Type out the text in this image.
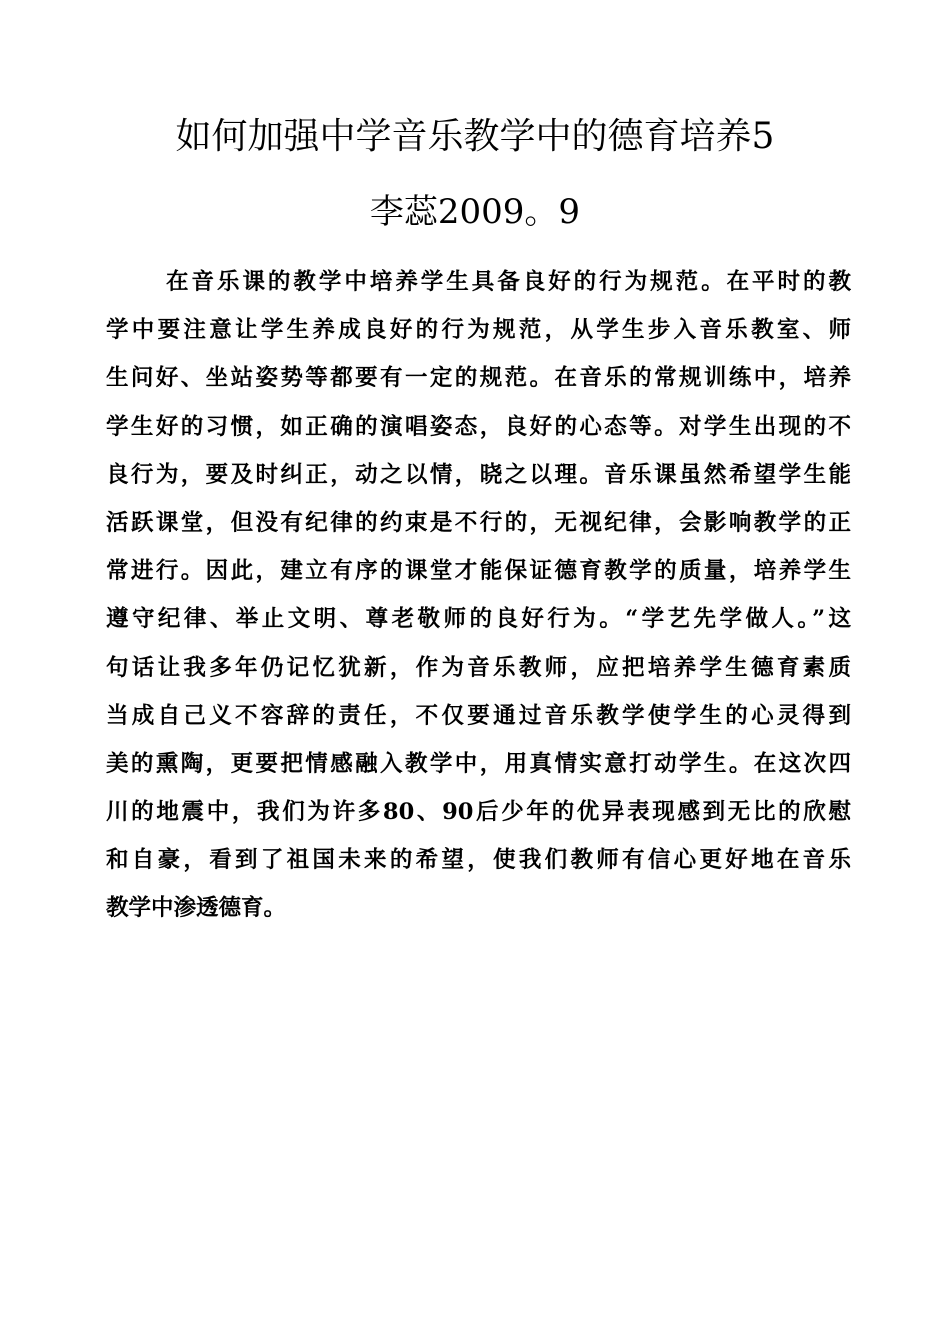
如何加强中学音乐教学中的德育培养5
李蕊2009。9
在音乐课的教学中培养学生具备良好的行为规范。在平时的教
学中要注意让学生养成良好的行为规范，从学生步入音乐教室、师
生问好、坐站姿势等都要有一定的规范。在音乐的常规训练中，培养
学生好的习惯，如正确的演唱姿态，良好的心态等。对学生出现的不
良行为，要及时纠正，动之以情，晓之以理。音乐课虽然希望学生能
活跃课堂，但没有纪律的约束是不行的，无视纪律，会影响教学的正
常进行。因此，建立有序的课堂才能保证德育教学的质量，培养学生
遵守纪律、举止文明、尊老敬师的良好行为。“学艺先学做人。”这
句话让我多年仍记忆犹新，作为音乐教师，应把培养学生德育素质
当成自己义不容辞的责任，不仅要通过音乐教学使学生的心灵得到
美的熏陶，更要把情感融入教学中，用真情实意打动学生。在这次四
川的地震中，我们为许多80、90后少年的优异表现感到无比的欣慰
和自豪，看到了祖国未来的希望，使我们教师有信心更好地在音乐
教学中渗透德育。
